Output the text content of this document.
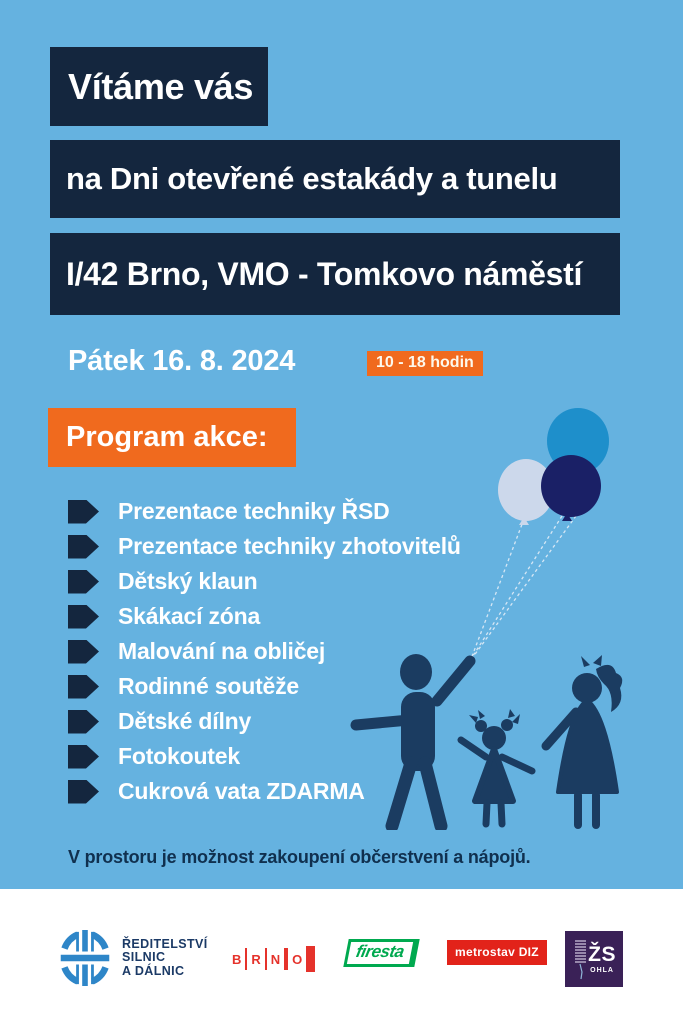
Vítáme vás
na Dni otevřené estakády a tunelu
I/42 Brno, VMO - Tomkovo náměstí
Pátek 16. 8. 2024	10 - 18 hodin
Program akce:
Prezentace techniky ŘSD
Prezentace techniky zhotovitelů
Dětský klaun
Skákací zóna
Malování na obličej
Rodinné soutěže
Dětské dílny
Fotokoutek
Cukrová vata ZDARMA
V prostoru je možnost zakoupení občerstvení a nápojů.
ŘEDITELSTVÍ
SILNIC
A DÁLNIC
B R N O	firesta	metrostav DIZ	ŽS
OHLA
